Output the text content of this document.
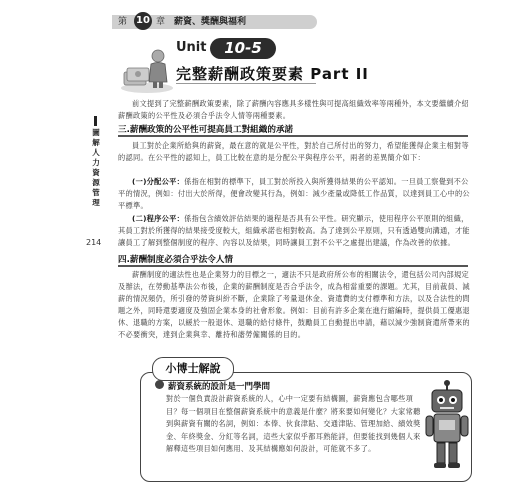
第 10 章 薪資、獎酬與福利
Unit	10-5
完整薪酬政策要素 Part II
圖解人力資源管理
214
前文提到了完整薪酬政策要素，除了薪酬內容應具多樣性與可提高組織效率等兩種外，本文要繼續介紹薪酬政策的公平性及必須合乎法令人情等兩種要素。
三.薪酬政策的公平性可提高員工對組織的承諾
員工對於企業所給與的薪資，最在意的就是公平性，對於自己所付出的努力，希望能獲得企業主相對等的認同。在公平性的認知上，員工比較在意的是分配公平與程序公平，兩者的差異簡介如下：
(一)分配公平：係指在相對的標準下，員工對於所投入與所獲得結果的公平認知。一旦員工察覺到不公平的情況，例如：付出大於所得，便會改變其行為，例如：減少產量或降低工作品質，以達到員工心中的公平標準。
(二)程序公平：係指包含績效評估結果的過程是否具有公平性。研究顯示，使用程序公平原則的組織，其員工對於所獲得的結果接受度較大，組織承諾也相對較高。為了達到公平原則，只有透過雙向溝通，才能讓員工了解到整個制度的程序、內容以及結果，同時讓員工對不公平之處提出建議，作為改善的依據。
四.薪酬制度必須合乎法令人情
薪酬制度的適法性也是企業努力的目標之一，適法不只是政府所公布的相關法令，還包括公司內部規定及辦法，在勞動基準法公布後，企業的薪酬制度是否合乎法令，成為相當重要的課題。尤其，目前裁員、減薪的情況頻仍，所引發的勞資糾紛不斷，企業除了考量退休金、資遣費的支付標準和方法，以及合法性的問題之外，同時還要適度及強固企業本身的社會形象。例如：目前有許多企業在進行縮編時，提供員工優惠退休、退職的方案，以緩於一般退休、退職的給付條件，鼓勵員工自動提出申請，藉以減少強制資遣所帶來的不必要衝突，達到企業與幸、離持和諧勞僱關係的目的。
小博士解說
薪資系統的設計是一門學問
對於一個負責設計薪資系統的人，心中一定要有結構圖，薪資應包含哪些項目？每一個項目在整個薪資系統中的意義是什麼？將來要如何變化？大家常聽到與薪資有關的名詞，例如：本俸、伙食津貼、交通津貼、管理加給、績效獎金、年終獎金、分紅等名詞，這些大家似乎都耳熟能詳，但要能找到幾個人來解釋這些項目如何應用、及其結構應如何設計，可能就不多了。
